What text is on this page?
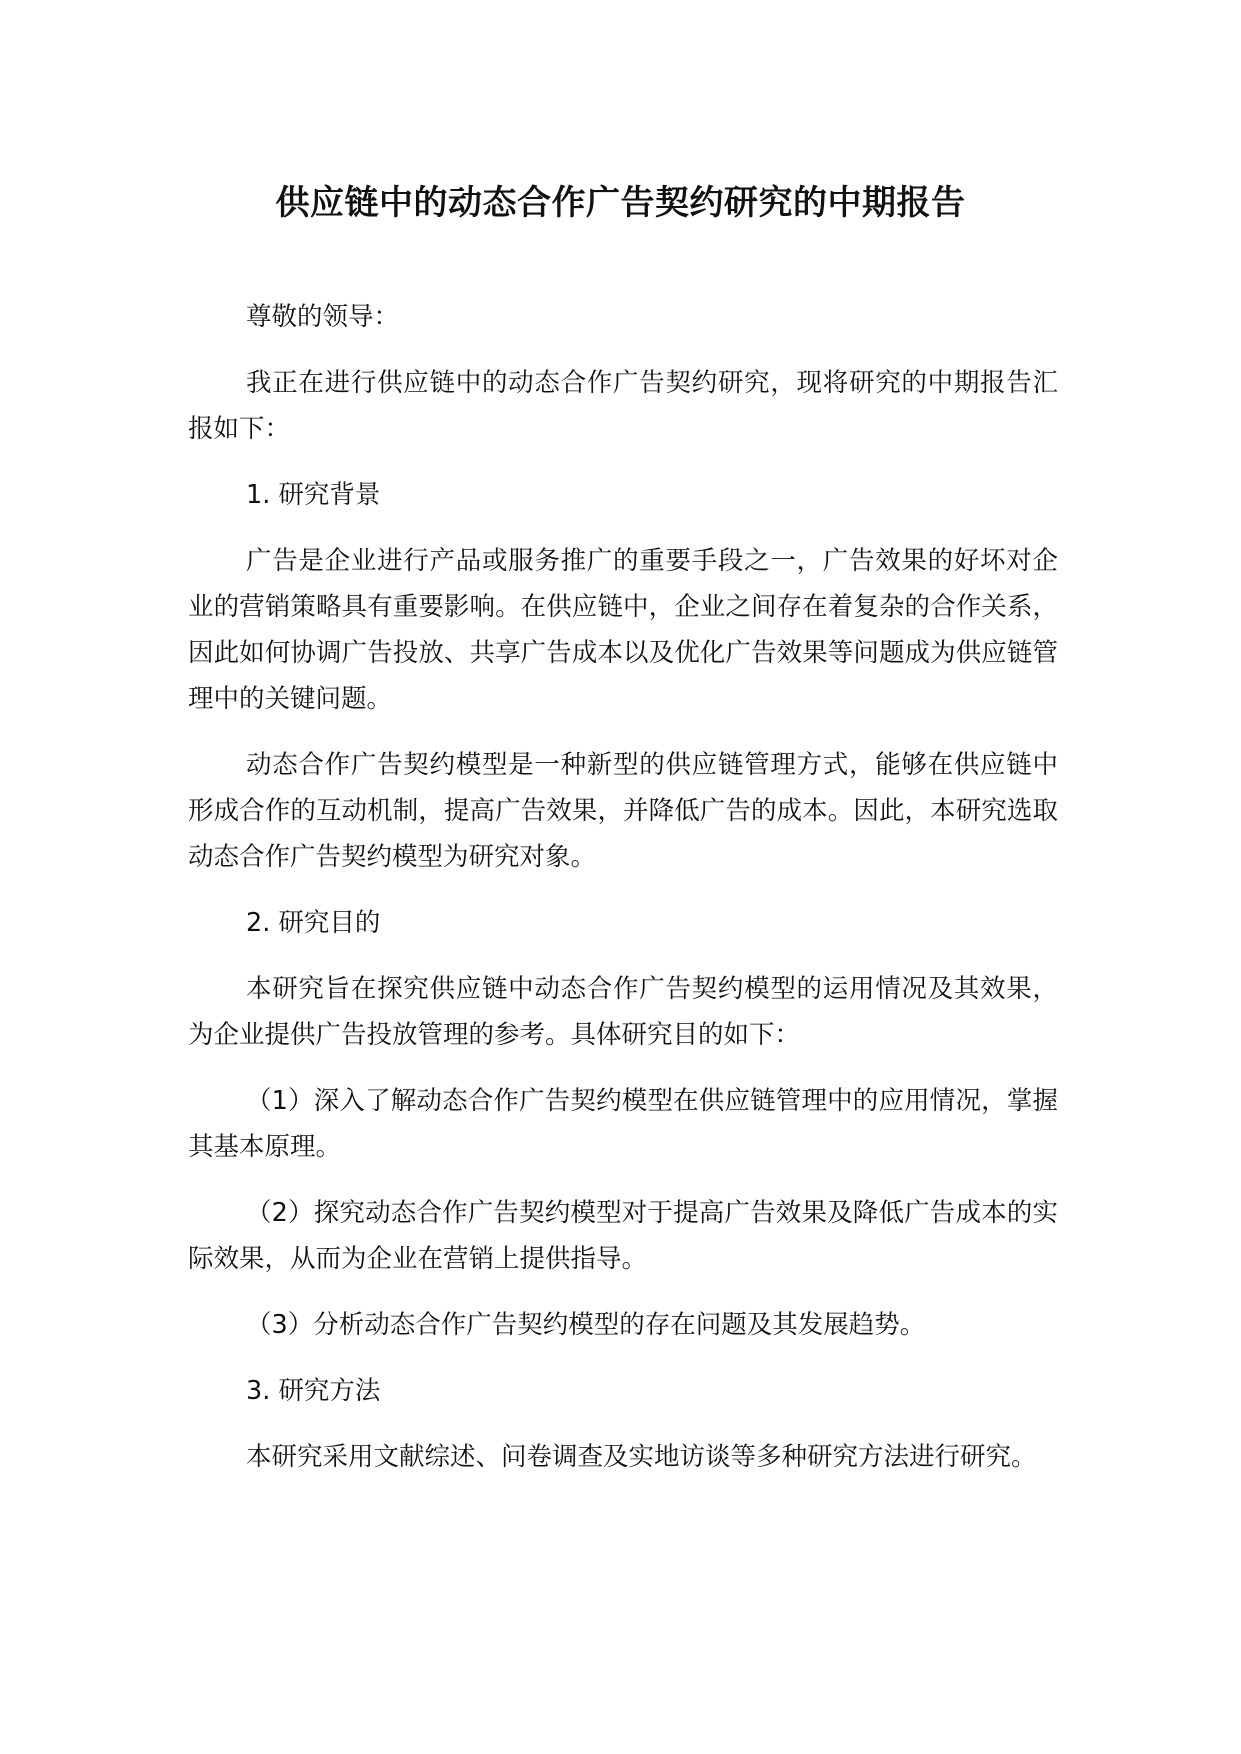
供应链中的动态合作广告契约研究的中期报告

尊敬的领导：

我正在进行供应链中的动态合作广告契约研究，现将研究的中期报告汇报如下：

1. 研究背景

广告是企业进行产品或服务推广的重要手段之一，广告效果的好坏对企业的营销策略具有重要影响。在供应链中，企业之间存在着复杂的合作关系，因此如何协调广告投放、共享广告成本以及优化广告效果等问题成为供应链管理中的关键问题。

动态合作广告契约模型是一种新型的供应链管理方式，能够在供应链中形成合作的互动机制，提高广告效果，并降低广告的成本。因此，本研究选取动态合作广告契约模型为研究对象。

2. 研究目的

本研究旨在探究供应链中动态合作广告契约模型的运用情况及其效果，为企业提供广告投放管理的参考。具体研究目的如下：

（1）深入了解动态合作广告契约模型在供应链管理中的应用情况，掌握其基本原理。

（2）探究动态合作广告契约模型对于提高广告效果及降低广告成本的实际效果，从而为企业在营销上提供指导。

（3）分析动态合作广告契约模型的存在问题及其发展趋势。

3. 研究方法

本研究采用文献综述、问卷调查及实地访谈等多种研究方法进行研究。
